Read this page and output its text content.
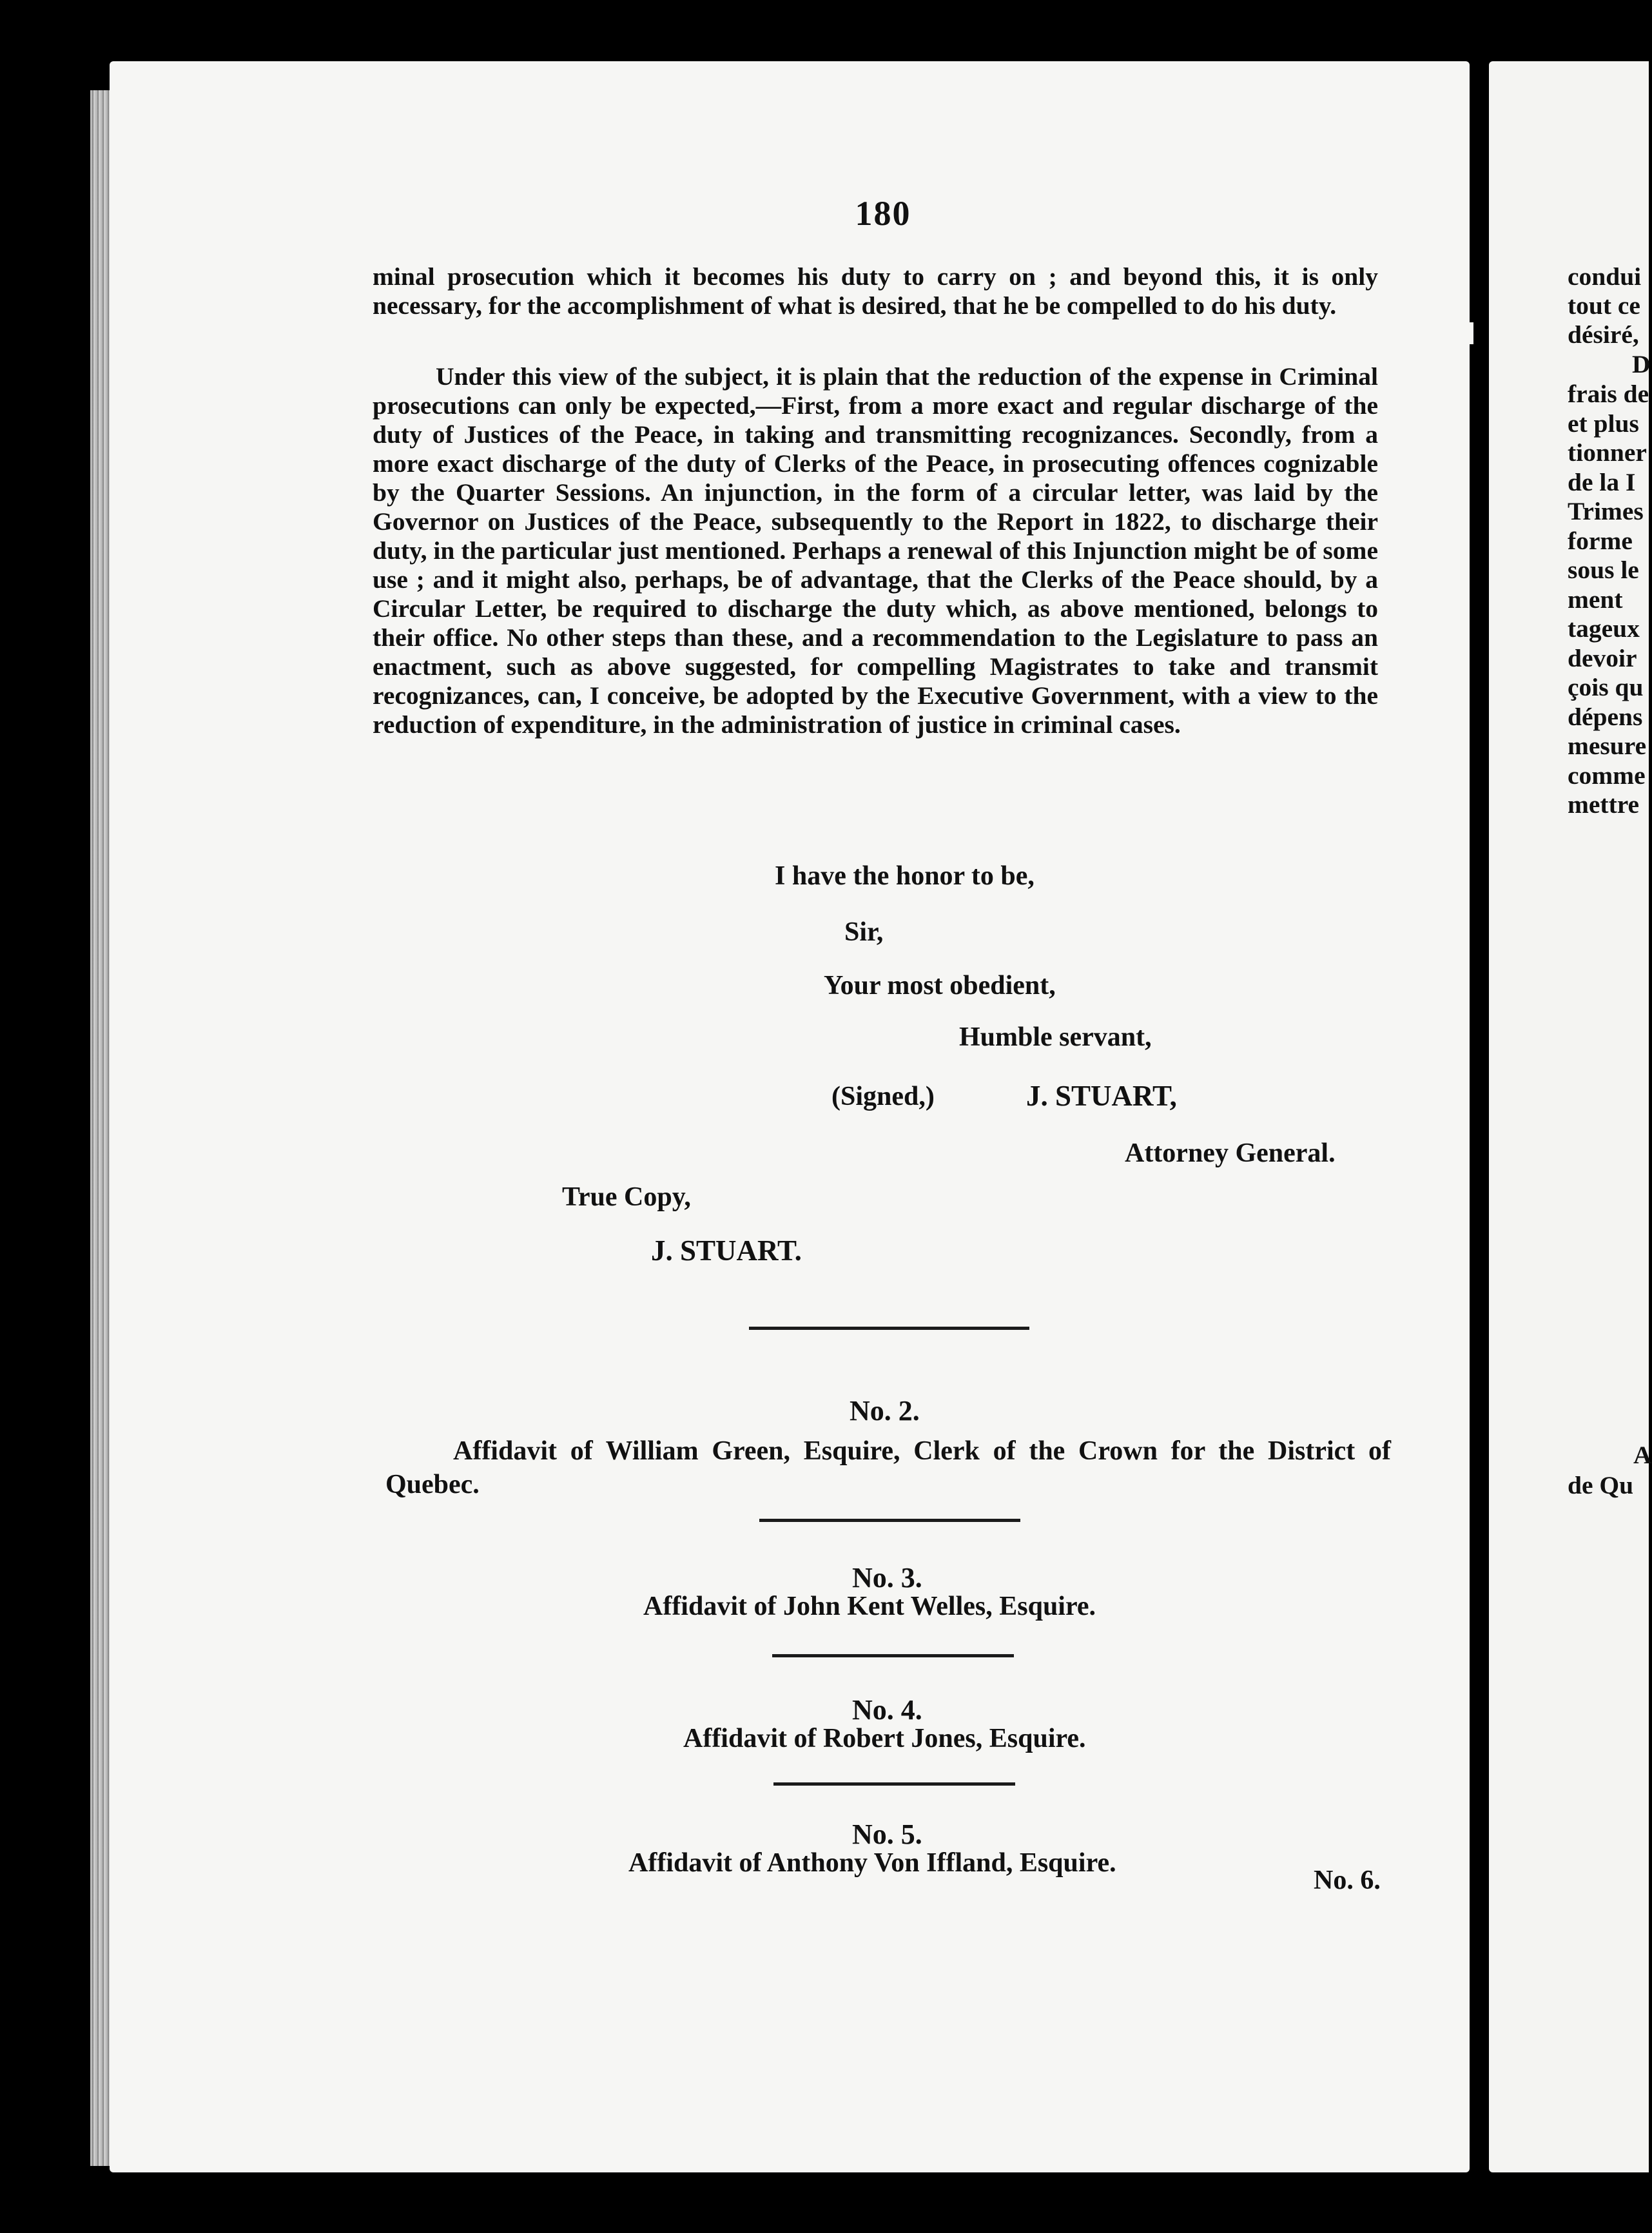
180
minal prosecution which it becomes his duty to carry on ; and beyond this, it is only necessary, for the accomplishment of what is desired, that he be compelled to do his duty.
Under this view of the subject, it is plain that the reduction of the expense in Criminal prosecutions can only be expected,—First, from a more exact and regular discharge of the duty of Justices of the Peace, in taking and transmitting recognizances. Secondly, from a more exact discharge of the duty of Clerks of the Peace, in prosecuting offences cognizable by the Quarter Sessions. An injunction, in the form of a circular letter, was laid by the Governor on Justices of the Peace, subsequently to the Report in 1822, to discharge their duty, in the particular just mentioned. Perhaps a renewal of this Injunction might be of some use ; and it might also, perhaps, be of advantage, that the Clerks of the Peace should, by a Circular Letter, be required to discharge the duty which, as above mentioned, belongs to their office. No other steps than these, and a recommendation to the Legislature to pass an enactment, such as above suggested, for compelling Magistrates to take and transmit recognizances, can, I conceive, be adopted by the Executive Government, with a view to the reduction of expenditure, in the administration of justice in criminal cases.
I have the honor to be,
Sir,
Your most obedient,
Humble servant,
(Signed,)	J. STUART,
Attorney General.
True Copy,
J. STUART.
No. 2.
Affidavit of William Green, Esquire, Clerk of the Crown for the District of Quebec.
No. 3.
Affidavit of John Kent Welles, Esquire.
No. 4.
Affidavit of Robert Jones, Esquire.
No. 5.
Affidavit of Anthony Von Iffland, Esquire.
No. 6.
condui
tout ce
désiré,
D
frais de
et plus
tionner
de la I
Trimes
forme
sous le
ment
tageux
devoir
çois qu
dépens
mesure
comme
mettre
A
de Qu
